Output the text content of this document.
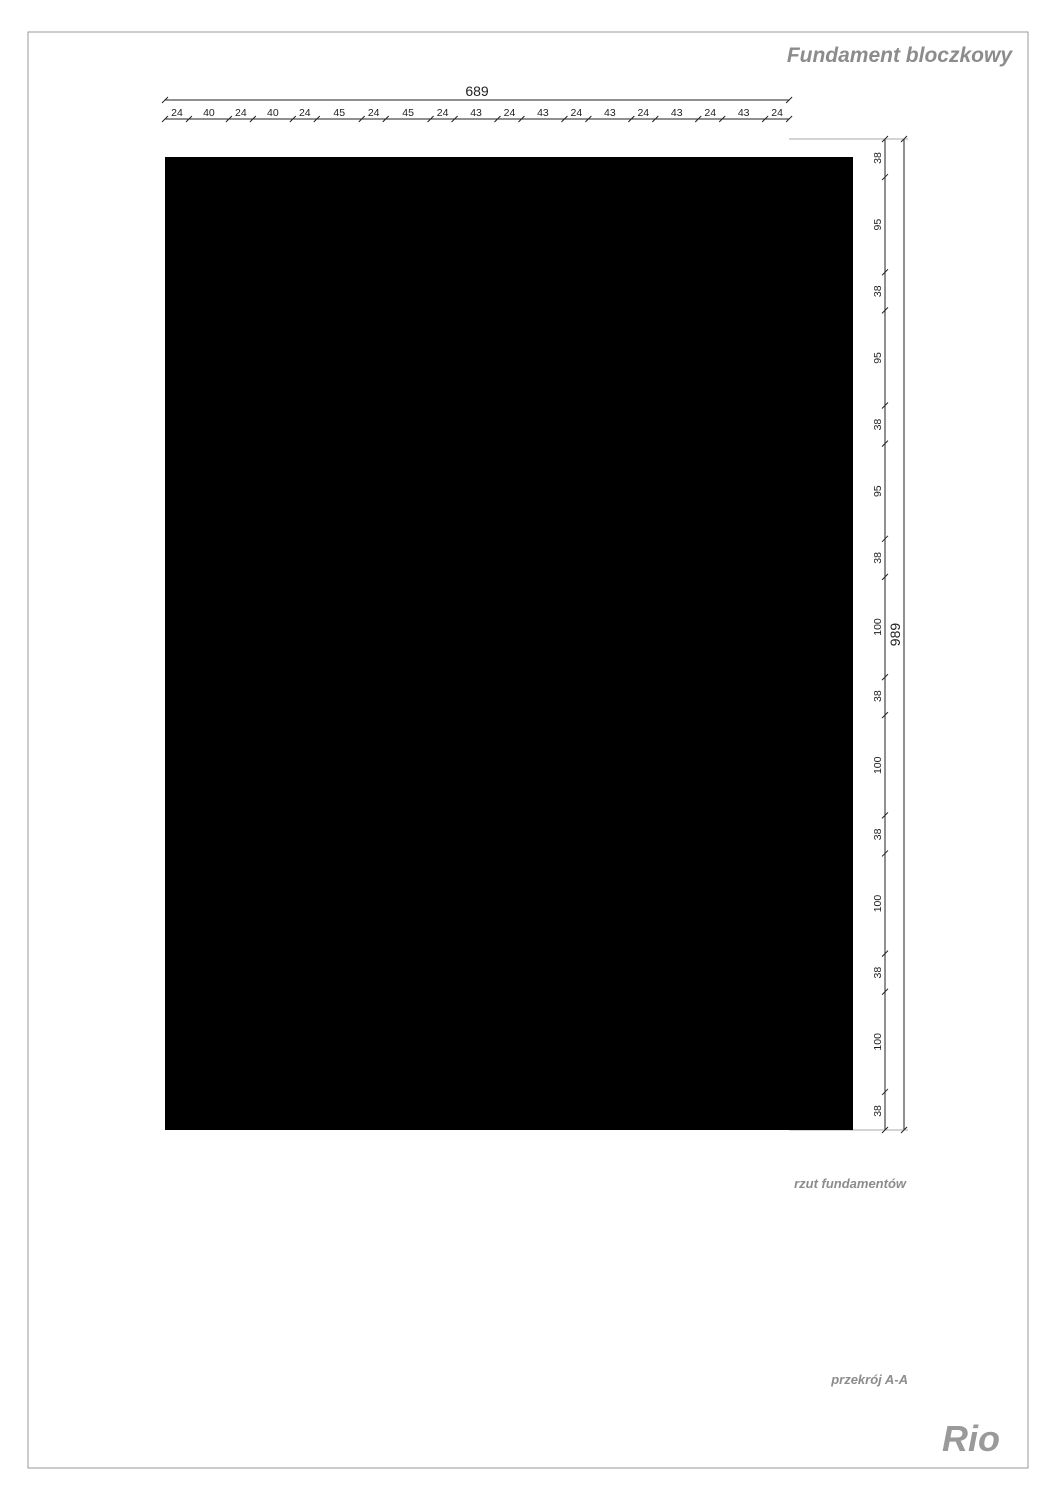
689
24 40 24 40 24 45 24 45 24 43 24 43 24 43 24 43 24 43 24
38
95
38
95
38
95
38
100
38
100
38
100
38
100
38
989
Fundament bloczkowy
rzut fundamentów
przekrój A-A
Rio
